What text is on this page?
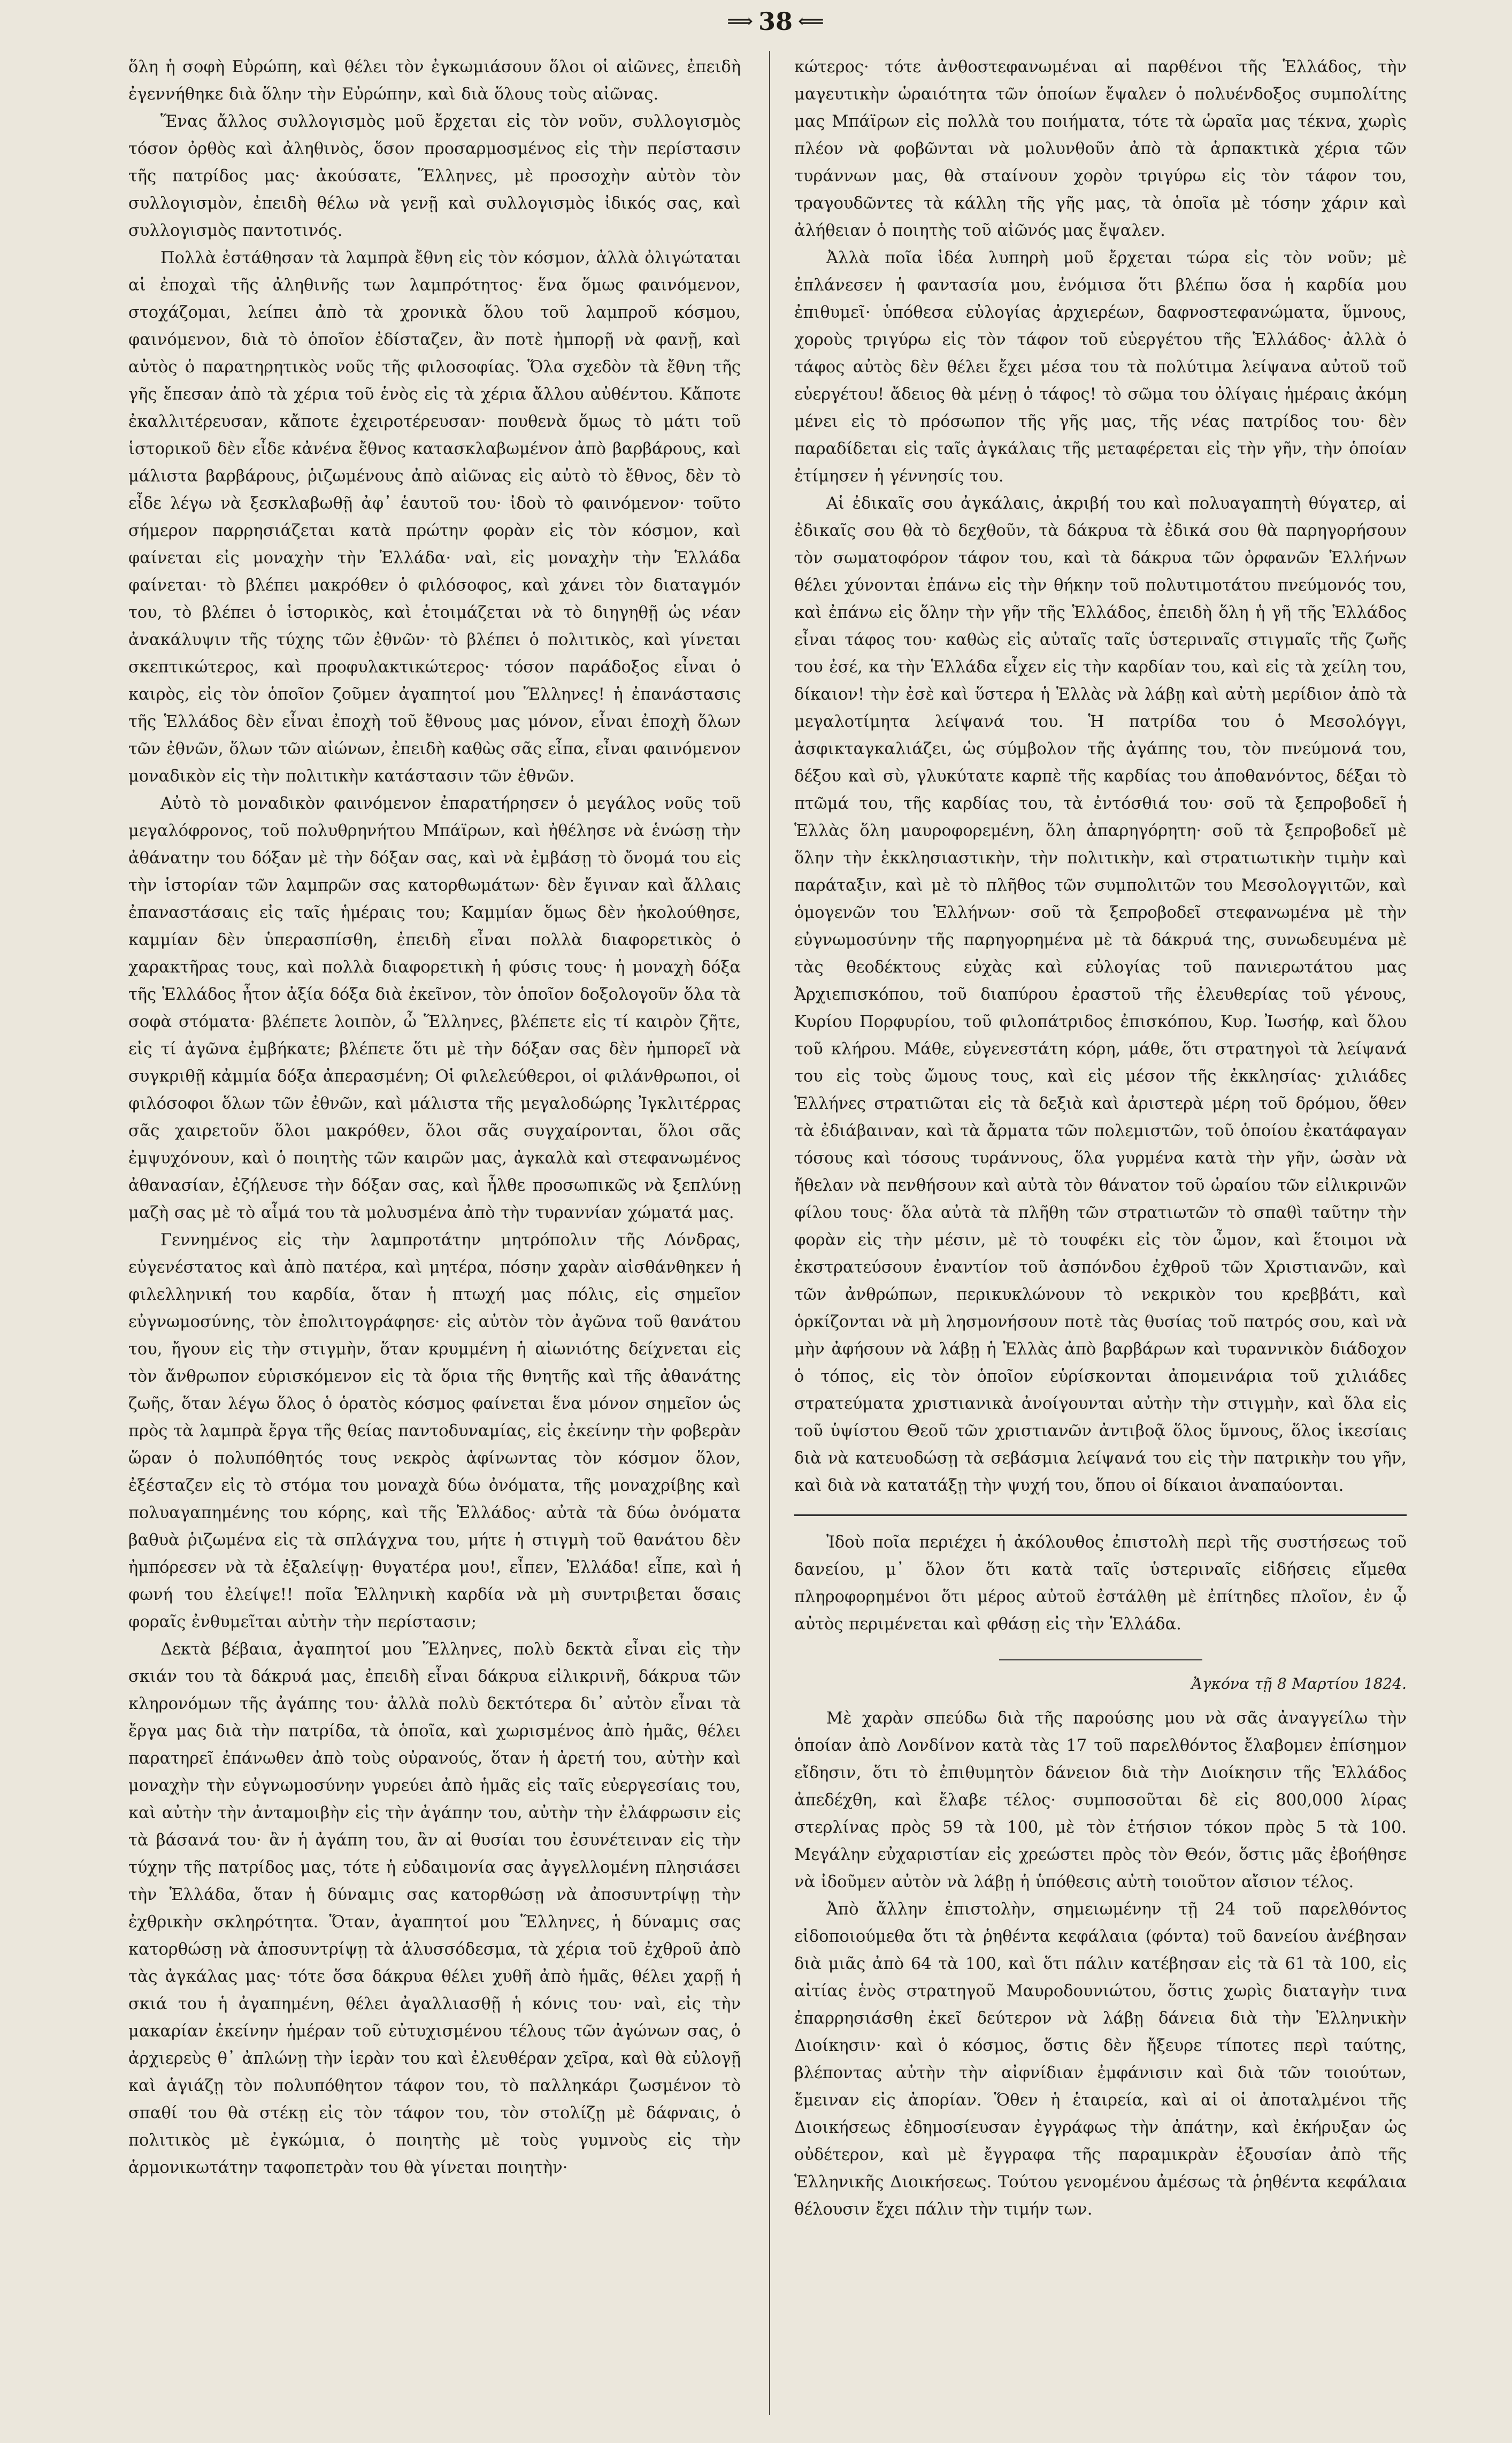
⟹ 38 ⟸

ὅλη ἡ σοφὴ Εὐρώπη, καὶ θέλει τὸν ἐγκωμιάσουν ὅλοι οἱ αἰῶνες, ἐπειδὴ ἐγεννήθηκε διὰ ὅλην τὴν Εὐρώπην, καὶ διὰ ὅλους τοὺς αἰῶνας.

Ἕνας ἄλλος συλλογισμὸς μοῦ ἔρχεται εἰς τὸν νοῦν, συλλογισμὸς τόσον ὀρθὸς καὶ ἀληθινὸς, ὅσον προσαρμοσμένος εἰς τὴν περίστασιν τῆς πατρίδος μας· ἀκούσατε, Ἕλληνες, μὲ προσοχὴν αὐτὸν τὸν συλλογισμὸν, ἐπειδὴ θέλω νὰ γενῇ καὶ συλλογισμὸς ἰδικός σας, καὶ συλλογισμὸς παντοτινός.

Πολλὰ ἐστάθησαν τὰ λαμπρὰ ἔθνη εἰς τὸν κόσμον, ἀλλὰ ὀλιγώταται αἱ ἐποχαὶ τῆς ἀληθινῆς των λαμπρότητος· ἕνα ὅμως φαινόμενον, στοχάζομαι, λείπει ἀπὸ τὰ χρονικὰ ὅλου τοῦ λαμπροῦ κόσμου, φαινόμενον, διὰ τὸ ὁποῖον ἐδίσταζεν, ἂν ποτὲ ἠμπορῇ νὰ φανῇ, καὶ αὐτὸς ὁ παρατηρητικὸς νοῦς τῆς φιλοσοφίας. Ὅλα σχεδὸν τὰ ἔθνη τῆς γῆς ἔπεσαν ἀπὸ τὰ χέρια τοῦ ἑνὸς εἰς τὰ χέρια ἄλλου αὐθέντου. Κἄποτε ἐκαλλιτέρευσαν, κἄποτε ἐχειροτέρευσαν· πουθενὰ ὅμως τὸ μάτι τοῦ ἱστορικοῦ δὲν εἶδε κἀνένα ἔθνος κατασκλαβωμένον ἀπὸ βαρβάρους, καὶ μάλιστα βαρβάρους, ῥιζωμένους ἀπὸ αἰῶνας εἰς αὐτὸ τὸ ἔθνος, δὲν τὸ εἶδε λέγω νὰ ξεσκλαβωθῇ ἀφ᾽ ἑαυτοῦ του· ἰδοὺ τὸ φαινόμενον· τοῦτο σήμερον παρρησιάζεται κατὰ πρώτην φορὰν εἰς τὸν κόσμον, καὶ φαίνεται εἰς μοναχὴν τὴν Ἑλλάδα· ναὶ, εἰς μοναχὴν τὴν Ἑλλάδα φαίνεται· τὸ βλέπει μακρόθεν ὁ φιλόσοφος, καὶ χάνει τὸν διαταγμόν του, τὸ βλέπει ὁ ἱστορικὸς, καὶ ἑτοιμάζεται νὰ τὸ διηγηθῇ ὡς νέαν ἀνακάλυψιν τῆς τύχης τῶν ἐθνῶν· τὸ βλέπει ὁ πολιτικὸς, καὶ γίνεται σκεπτικώτερος, καὶ προφυλακτικώτερος· τόσον παράδοξος εἶναι ὁ καιρὸς, εἰς τὸν ὁποῖον ζοῦμεν ἀγαπητοί μου Ἕλληνες! ἡ ἐπανάστασις τῆς Ἑλλάδος δὲν εἶναι ἐποχὴ τοῦ ἔθνους μας μόνον, εἶναι ἐποχὴ ὅλων τῶν ἐθνῶν, ὅλων τῶν αἰώνων, ἐπειδὴ καθὼς σᾶς εἶπα, εἶναι φαινόμενον μοναδικὸν εἰς τὴν πολιτικὴν κατάστασιν τῶν ἐθνῶν.

Αὐτὸ τὸ μοναδικὸν φαινόμενον ἐπαρατήρησεν ὁ μεγάλος νοῦς τοῦ μεγαλόφρονος, τοῦ πολυθρηνήτου Μπάϊρων, καὶ ἠθέλησε νὰ ἑνώσῃ τὴν ἀθάνατην του δόξαν μὲ τὴν δόξαν σας, καὶ νὰ ἐμβάσῃ τὸ ὄνομά του εἰς τὴν ἱστορίαν τῶν λαμπρῶν σας κατορθωμάτων· δὲν ἔγιναν καὶ ἄλλαις ἐπαναστάσαις εἰς ταῖς ἡμέραις του; Καμμίαν ὅμως δὲν ἠκολούθησε, καμμίαν δὲν ὑπερασπίσθη, ἐπειδὴ εἶναι πολλὰ διαφορετικὸς ὁ χαρακτῆρας τους, καὶ πολλὰ διαφορετικὴ ἡ φύσις τους· ἡ μοναχὴ δόξα τῆς Ἑλλάδος ἦτον ἀξία δόξα διὰ ἐκεῖνον, τὸν ὁποῖον δοξολογοῦν ὅλα τὰ σοφὰ στόματα· βλέπετε λοιπὸν, ὦ Ἕλληνες, βλέπετε εἰς τί καιρὸν ζῆτε, εἰς τί ἀγῶνα ἐμβήκατε; βλέπετε ὅτι μὲ τὴν δόξαν σας δὲν ἠμπορεῖ νὰ συγκριθῇ κἀμμία δόξα ἀπερασμένη; Οἱ φιλελεύθεροι, οἱ φιλάνθρωποι, οἱ φιλόσοφοι ὅλων τῶν ἐθνῶν, καὶ μάλιστα τῆς μεγαλοδώρης Ἰγκλιτέρρας σᾶς χαιρετοῦν ὅλοι μακρόθεν, ὅλοι σᾶς συγχαίρονται, ὅλοι σᾶς ἐμψυχόνουν, καὶ ὁ ποιητὴς τῶν καιρῶν μας, ἀγκαλὰ καὶ στεφανωμένος ἀθανασίαν, ἐζήλευσε τὴν δόξαν σας, καὶ ἦλθε προσωπικῶς νὰ ξεπλύνῃ μαζὴ σας μὲ τὸ αἷμά του τὰ μολυσμένα ἀπὸ τὴν τυραννίαν χώματά μας.

Γεννημένος εἰς τὴν λαμπροτάτην μητρόπολιν τῆς Λόνδρας, εὐγενέστατος καὶ ἀπὸ πατέρα, καὶ μητέρα, πόσην χαρὰν αἰσθάνθηκεν ἡ φιλελληνική του καρδία, ὅταν ἡ πτωχή μας πόλις, εἰς σημεῖον εὐγνωμοσύνης, τὸν ἐπολιτογράφησε· εἰς αὐτὸν τὸν ἀγῶνα τοῦ θανάτου του, ἤγουν εἰς τὴν στιγμὴν, ὅταν κρυμμένη ἡ αἰωνιότης δείχνεται εἰς τὸν ἄνθρωπον εὑρισκόμενον εἰς τὰ ὅρια τῆς θνητῆς καὶ τῆς ἀθανάτης ζωῆς, ὅταν λέγω ὅλος ὁ ὁρατὸς κόσμος φαίνεται ἕνα μόνον σημεῖον ὡς πρὸς τὰ λαμπρὰ ἔργα τῆς θείας παντοδυναμίας, εἰς ἐκείνην τὴν φοβερὰν ὥραν ὁ πολυπόθητός τους νεκρὸς ἀφίνωντας τὸν κόσμον ὅλον, ἐξέσταζεν εἰς τὸ στόμα του μοναχὰ δύω ὀνόματα, τῆς μοναχρίβης καὶ πολυαγαπημένης του κόρης, καὶ τῆς Ἑλλάδος· αὐτὰ τὰ δύω ὀνόματα βαθυὰ ῥιζωμένα εἰς τὰ σπλάγχνα του, μήτε ἡ στιγμὴ τοῦ θανάτου δὲν ἠμπόρεσεν νὰ τὰ ἐξαλείψῃ· θυγατέρα μου!, εἶπεν, Ἑλλάδα! εἶπε, καὶ ἡ φωνή του ἐλείψε!! ποῖα Ἑλληνικὴ καρδία νὰ μὴ συντριβεται ὅσαις φοραῖς ἐνθυμεῖται αὐτὴν τὴν περίστασιν;

Δεκτὰ βέβαια, ἀγαπητοί μου Ἕλληνες, πολὺ δεκτὰ εἶναι εἰς τὴν σκιάν του τὰ δάκρυά μας, ἐπειδὴ εἶναι δάκρυα εἰλικρινῆ, δάκρυα τῶν κληρονόμων τῆς ἀγάπης του· ἀλλὰ πολὺ δεκτότερα δι᾽ αὐτὸν εἶναι τὰ ἔργα μας διὰ τὴν πατρίδα, τὰ ὁποῖα, καὶ χωρισμένος ἀπὸ ἡμᾶς, θέλει παρατηρεῖ ἐπάνωθεν ἀπὸ τοὺς οὐρανούς, ὅταν ἡ ἀρετή του, αὐτὴν καὶ μοναχὴν τὴν εὐγνωμοσύνην γυρεύει ἀπὸ ἡμᾶς εἰς ταῖς εὐεργεσίαις του, καὶ αὐτὴν τὴν ἀνταμοιβὴν εἰς τὴν ἀγάπην του, αὐτὴν τὴν ἐλάφρωσιν εἰς τὰ βάσανά του· ἂν ἡ ἀγάπη του, ἂν αἱ θυσίαι του ἐσυνέτειναν εἰς τὴν τύχην τῆς πατρίδος μας, τότε ἡ εὐδαιμονία σας ἀγγελλομένη πλησιάσει τὴν Ἑλλάδα, ὅταν ἡ δύναμις σας κατορθώσῃ νὰ ἀποσυντρίψῃ τὴν ἐχθρικὴν σκληρότητα. Ὅταν, ἀγαπητοί μου Ἕλληνες, ἡ δύναμις σας κατορθώσῃ νὰ ἀποσυντρίψῃ τὰ ἁλυσσόδεσμα, τὰ χέρια τοῦ ἐχθροῦ ἀπὸ τὰς ἀγκάλας μας· τότε ὅσα δάκρυα θέλει χυθῆ ἀπὸ ἡμᾶς, θέλει χαρῇ ἡ σκιά του ἡ ἀγαπημένη, θέλει ἀγαλλιασθῇ ἡ κόνις του· ναὶ, εἰς τὴν μακαρίαν ἐκείνην ἡμέραν τοῦ εὐτυχισμένου τέλους τῶν ἀγώνων σας, ὁ ἀρχιερεὺς θ᾽ ἀπλώνῃ τὴν ἱερὰν του καὶ ἐλευθέραν χεῖρα, καὶ θὰ εὐλογῇ καὶ ἁγιάζῃ τὸν πολυπόθητον τάφον του, τὸ παλληκάρι ζωσμένον τὸ σπαθί του θὰ στέκῃ εἰς τὸν τάφον του, τὸν στολίζῃ μὲ δάφναις, ὁ πολιτικὸς μὲ ἐγκώμια, ὁ ποιητὴς μὲ τοὺς γυμνοὺς εἰς τὴν ἁρμονικωτάτην ταφοπετρὰν του θὰ γίνεται ποιητὴν·

κώτερος· τότε ἀνθοστεφανωμέναι αἱ παρθένοι τῆς Ἑλλάδος, τὴν μαγευτικὴν ὡραιότητα τῶν ὁποίων ἔψαλεν ὁ πολυένδοξος συμπολίτης μας Μπάϊρων εἰς πολλὰ του ποιήματα, τότε τὰ ὡραῖα μας τέκνα, χωρὶς πλέον νὰ φοβῶνται νὰ μολυνθοῦν ἀπὸ τὰ ἁρπακτικὰ χέρια τῶν τυράννων μας, θὰ σταίνουν χορὸν τριγύρω εἰς τὸν τάφον του, τραγουδῶντες τὰ κάλλη τῆς γῆς μας, τὰ ὁποῖα μὲ τόσην χάριν καὶ ἀλήθειαν ὁ ποιητὴς τοῦ αἰῶνός μας ἔψαλεν.

Ἀλλὰ ποῖα ἰδέα λυπηρὴ μοῦ ἔρχεται τώρα εἰς τὸν νοῦν; μὲ ἐπλάνεσεν ἡ φαντασία μου, ἐνόμισα ὅτι βλέπω ὅσα ἡ καρδία μου ἐπιθυμεῖ· ὑπόθεσα εὐλογίας ἀρχιερέων, δαφνοστεφανώματα, ὕμνους, χοροὺς τριγύρω εἰς τὸν τάφον τοῦ εὐεργέτου τῆς Ἑλλάδος· ἀλλὰ ὁ τάφος αὐτὸς δὲν θέλει ἔχει μέσα του τὰ πολύτιμα λείψανα αὐτοῦ τοῦ εὐεργέτου! ἄδειος θὰ μένῃ ὁ τάφος! τὸ σῶμα του ὀλίγαις ἡμέραις ἀκόμη μένει εἰς τὸ πρόσωπον τῆς γῆς μας, τῆς νέας πατρίδος του· δὲν παραδίδεται εἰς ταῖς ἀγκάλαις τῆς μεταφέρεται εἰς τὴν γῆν, τὴν ὁποίαν ἐτίμησεν ἡ γέννησίς του.

Αἱ ἐδικαῖς σου ἀγκάλαις, ἀκριβή του καὶ πολυαγαπητὴ θύγατερ, αἱ ἐδικαῖς σου θὰ τὸ δεχθοῦν, τὰ δάκρυα τὰ ἐδικά σου θὰ παρηγορήσουν τὸν σωματοφόρον τάφον του, καὶ τὰ δάκρυα τῶν ὀρφανῶν Ἑλλήνων θέλει χύνονται ἐπάνω εἰς τὴν θήκην τοῦ πολυτιμοτάτου πνεύμονός του, καὶ ἐπάνω εἰς ὅλην τὴν γῆν τῆς Ἑλλάδος, ἐπειδὴ ὅλη ἡ γῆ τῆς Ἑλλάδος εἶναι τάφος του· καθὼς εἰς αὐταῖς ταῖς ὑστεριναῖς στιγμαῖς τῆς ζωῆς του ἐσέ, κα τὴν Ἑλλάδα εἶχεν εἰς τὴν καρδίαν του, καὶ εἰς τὰ χείλη του, δίκαιον! τὴν ἐσὲ καὶ ὕστερα ἡ Ἑλλὰς νὰ λάβῃ καὶ αὐτὴ μερίδιον ἀπὸ τὰ μεγαλοτίμητα λείψανά του. Ἡ πατρίδα του ὁ Μεσολόγγι, ἀσφικταγκαλιάζει, ὡς σύμβολον τῆς ἀγάπης του, τὸν πνεύμονά του, δέξου καὶ σὺ, γλυκύτατε καρπὲ τῆς καρδίας του ἀποθανόντος, δέξαι τὸ πτῶμά του, τῆς καρδίας του, τὰ ἐντόσθιά του· σοῦ τὰ ξεπροβοδεῖ ἡ Ἑλλὰς ὅλη μαυροφορεμένη, ὅλη ἀπαρηγόρητη· σοῦ τὰ ξεπροβοδεῖ μὲ ὅλην τὴν ἐκκλησιαστικὴν, τὴν πολιτικὴν, καὶ στρατιωτικὴν τιμὴν καὶ παράταξιν, καὶ μὲ τὸ πλῆθος τῶν συμπολιτῶν του Μεσολογγιτῶν, καὶ ὁμογενῶν του Ἑλλήνων· σοῦ τὰ ξεπροβοδεῖ στεφανωμένα μὲ τὴν εὐγνωμοσύνην τῆς παρηγορημένα μὲ τὰ δάκρυά της, συνωδευμένα μὲ τὰς θεοδέκτους εὐχὰς καὶ εὐλογίας τοῦ πανιερωτάτου μας Ἀρχιεπισκόπου, τοῦ διαπύρου ἐραστοῦ τῆς ἐλευθερίας τοῦ γένους, Κυρίου Πορφυρίου, τοῦ φιλοπάτριδος ἐπισκόπου, Κυρ. Ἰωσήφ, καὶ ὅλου τοῦ κλήρου. Μάθε, εὐγενεστάτη κόρη, μάθε, ὅτι στρατηγοὶ τὰ λείψανά του εἰς τοὺς ὤμους τους, καὶ εἰς μέσον τῆς ἐκκλησίας· χιλιάδες Ἑλλήνες στρατιῶται εἰς τὰ δεξιὰ καὶ ἀριστερὰ μέρη τοῦ δρόμου, ὅθεν τὰ ἐδιάβαιναν, καὶ τὰ ἄρματα τῶν πολεμιστῶν, τοῦ ὁποίου ἐκατάφαγαν τόσους καὶ τόσους τυράννους, ὅλα γυρμένα κατὰ τὴν γῆν, ὡσὰν νὰ ἤθελαν νὰ πενθήσουν καὶ αὐτὰ τὸν θάνατον τοῦ ὡραίου τῶν εἰλικρινῶν φίλου τους· ὅλα αὐτὰ τὰ πλῆθη τῶν στρατιωτῶν τὸ σπαθὶ ταῦτην τὴν φορὰν εἰς τὴν μέσιν, μὲ τὸ τουφέκι εἰς τὸν ὦμον, καὶ ἕτοιμοι νὰ ἐκστρατεύσουν ἐναντίον τοῦ ἀσπόνδου ἐχθροῦ τῶν Χριστιανῶν, καὶ τῶν ἀνθρώπων, περικυκλώνουν τὸ νεκρικὸν του κρεββάτι, καὶ ὁρκίζονται νὰ μὴ λησμονήσουν ποτὲ τὰς θυσίας τοῦ πατρός σου, καὶ νὰ μὴν ἀφήσουν νὰ λάβῃ ἡ Ἑλλὰς ἀπὸ βαρβάρων καὶ τυραννικὸν διάδοχον ὁ τόπος, εἰς τὸν ὁποῖον εὑρίσκονται ἀπομεινάρια τοῦ χιλιάδες στρατεύματα χριστιανικὰ ἀνοίγουνται αὐτὴν τὴν στιγμὴν, καὶ ὅλα εἰς τοῦ ὑψίστου Θεοῦ τῶν χριστιανῶν ἀντιβοᾷ ὅλος ὕμνους, ὅλος ἱκεσίαις διὰ νὰ κατευοδώσῃ τὰ σεβάσμια λείψανά του εἰς τὴν πατρικὴν του γῆν, καὶ διὰ νὰ κατατάξῃ τὴν ψυχή του, ὅπου οἱ δίκαιοι ἀναπαύονται.

Ἰδοὺ ποῖα περιέχει ἡ ἀκόλουθος ἐπιστολὴ περὶ τῆς συστήσεως τοῦ δανείου, μ᾽ ὅλον ὅτι κατὰ ταῖς ὑστεριναῖς εἰδήσεις εἴμεθα πληροφορημένοι ὅτι μέρος αὐτοῦ ἐστάλθη μὲ ἐπίτηδες πλοῖον, ἐν ᾧ αὐτὸς περιμένεται καὶ φθάσῃ εἰς τὴν Ἑλλάδα.

Ἀγκόνα τῇ 8 Μαρτίου 1824.

Μὲ χαρὰν σπεύδω διὰ τῆς παρούσης μου νὰ σᾶς ἀναγγείλω τὴν ὁποίαν ἀπὸ Λονδίνον κατὰ τὰς 17 τοῦ παρελθόντος ἔλαβομεν ἐπίσημον εἴδησιν, ὅτι τὸ ἐπιθυμητὸν δάνειον διὰ τὴν Διοίκησιν τῆς Ἑλλάδος ἀπεδέχθη, καὶ ἔλαβε τέλος· συμποσοῦται δὲ εἰς 800,000 λίρας στερλίνας πρὸς 59 τὰ 100, μὲ τὸν ἐτήσιον τόκον πρὸς 5 τὰ 100. Μεγάλην εὐχαριστίαν εἰς χρεώστει πρὸς τὸν Θεόν, ὅστις μᾶς ἐβοήθησε νὰ ἰδοῦμεν αὐτὸν νὰ λάβῃ ἡ ὑπόθεσις αὐτὴ τοιοῦτον αἴσιον τέλος.

Ἀπὸ ἄλλην ἐπιστολὴν, σημειωμένην τῇ 24 τοῦ παρελθόντος εἰδοποιούμεθα ὅτι τὰ ῥηθέντα κεφάλαια (φόντα) τοῦ δανείου ἀνέβησαν διὰ μιᾶς ἀπὸ 64 τὰ 100, καὶ ὅτι πάλιν κατέβησαν εἰς τὰ 61 τὰ 100, εἰς αἰτίας ἑνὸς στρατηγοῦ Μαυροδουνιώτου, ὅστις χωρὶς διαταγὴν τινα ἐπαρρησιάσθη ἐκεῖ δεύτερον νὰ λάβῃ δάνεια διὰ τὴν Ἑλληνικὴν Διοίκησιν· καὶ ὁ κόσμος, ὅστις δὲν ἤξευρε τίποτες περὶ ταύτης, βλέποντας αὐτὴν τὴν αἰφνίδιαν ἐμφάνισιν καὶ διὰ τῶν τοιούτων, ἔμειναν εἰς ἀπορίαν. Ὅθεν ἡ ἑταιρεία, καὶ αἱ οἱ ἀποταλμένοι τῆς Διοικήσεως ἐδημοσίευσαν ἐγγράφως τὴν ἀπάτην, καὶ ἐκήρυξαν ὡς οὐδέτερον, καὶ μὲ ἔγγραφα τῆς παραμικρὰν ἐξουσίαν ἀπὸ τῆς Ἑλληνικῆς Διοικήσεως. Τούτου γενομένου ἀμέσως τὰ ῥηθέντα κεφάλαια θέλουσιν ἔχει πάλιν τὴν τιμήν των.
